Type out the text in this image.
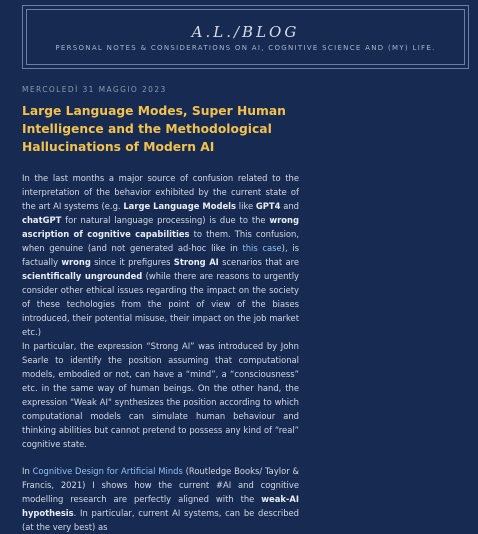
A.L./BLOG
PERSONAL NOTES & CONSIDERATIONS ON AI, COGNITIVE SCIENCE AND (MY) LIFE.
MERCOLEDÌ 31 MAGGIO 2023
Large Language Modes, Super Human Intelligence and the Methodological Hallucinations of Modern AI

In the last months a major source of confusion related to the interpretation of the behavior exhibited by the current state of the art AI systems (e.g. Large Language Models like GPT4 and chatGPT for natural language processing) is due to the wrong ascription of cognitive capabilities to them. This confusion, when genuine (and not generated ad-hoc like in this case), is factually wrong since it prefigures Strong AI scenarios that are scientifically ungrounded (while there are reasons to urgently consider other ethical issues regarding the impact on the society of these techologies from the point of view of the biases introduced, their potential misuse, their impact on the job market etc.)

In particular, the expression “Strong AI” was introduced by John Searle to identify the position assuming that computational models, embodied or not, can have a “mind”, a “consciousness” etc. in the same way of human beings. On the other hand, the expression "Weak AI" synthesizes the position according to which computational models can simulate human behaviour and thinking abilities but cannot pretend to possess any kind of “real” cognitive state.

In Cognitive Design for Artificial Minds (Routledge Books/ Taylor & Francis, 2021) I shows how the current #AI and cognitive modelling research are perfectly aligned with the weak-AI hypothesis. In particular, current AI systems, can be described (at the very best) as
